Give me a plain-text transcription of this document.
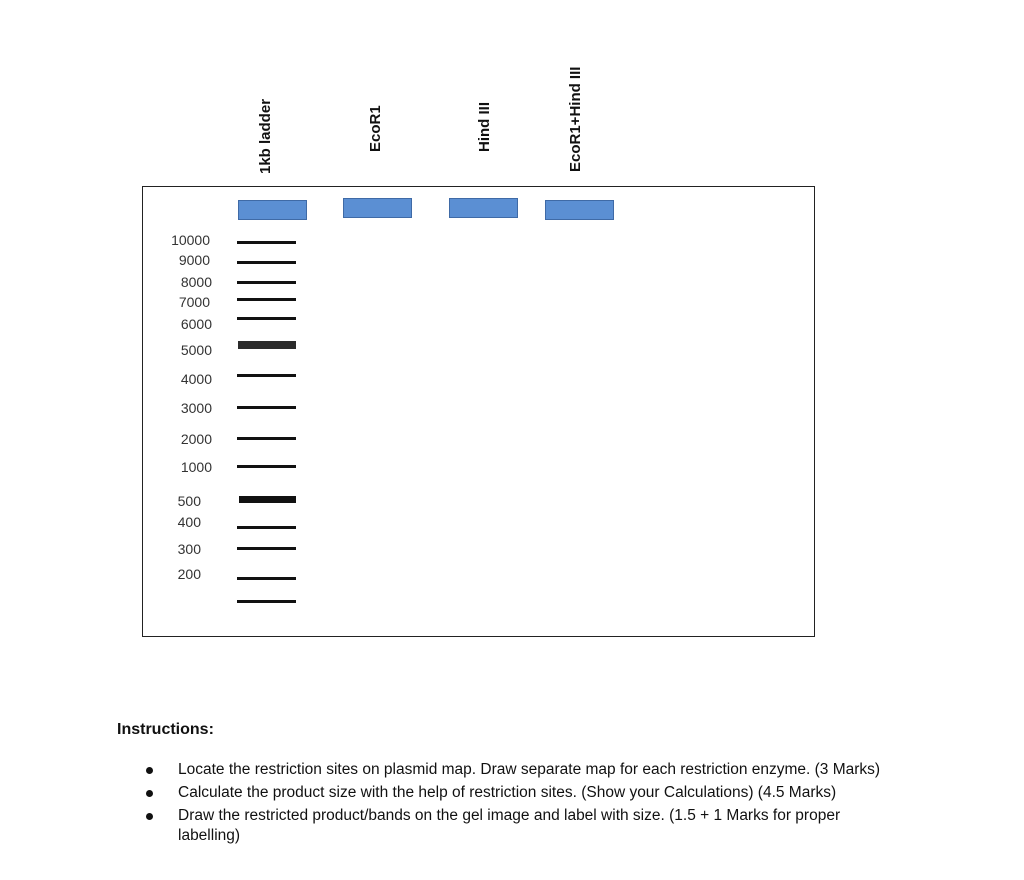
1kb ladder	EcoR1	Hind III	EcoR1+Hind III
10000
9000
8000
7000
6000
5000
4000
3000
2000
1000
500
400
300
200
Instructions:
Locate the restriction sites on plasmid map. Draw separate map for each restriction enzyme. (3 Marks)
Calculate the product size with the help of restriction sites. (Show your Calculations) (4.5 Marks)
Draw the restricted product/bands on the gel image and label with size. (1.5 + 1 Marks for proper labelling)
